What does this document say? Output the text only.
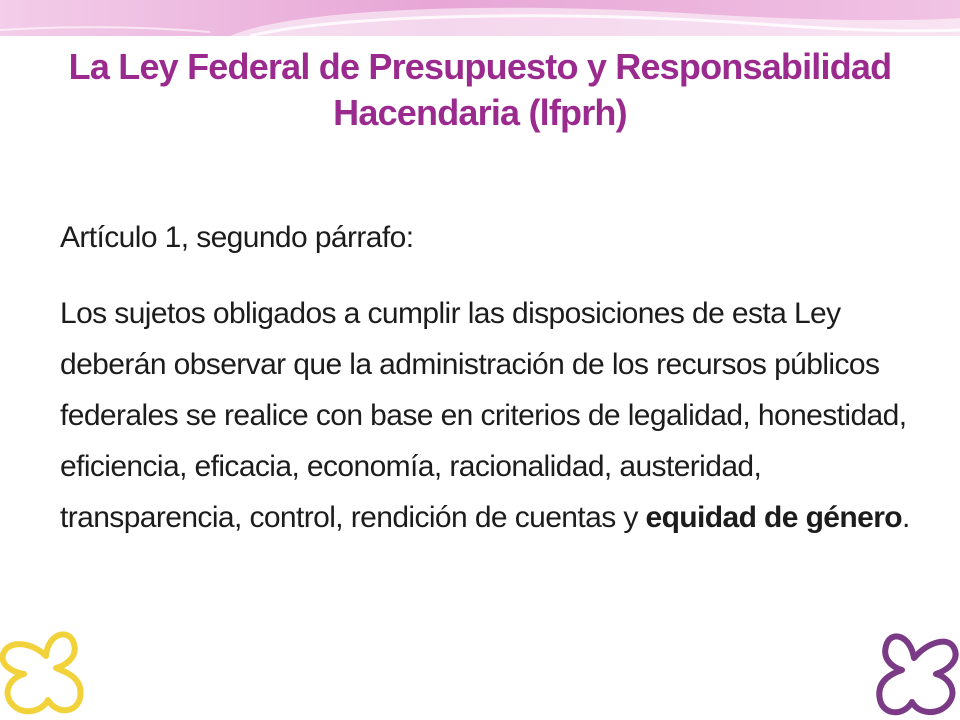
La Ley Federal de Presupuesto y Responsabilidad Hacendaria (lfprh)

Artículo 1, segundo párrafo:

Los sujetos obligados a cumplir las disposiciones de esta Ley deberán observar que la administración de los recursos públicos federales se realice con base en criterios de legalidad, honestidad, eficiencia, eficacia, economía, racionalidad, austeridad, transparencia, control, rendición de cuentas y equidad de género.
